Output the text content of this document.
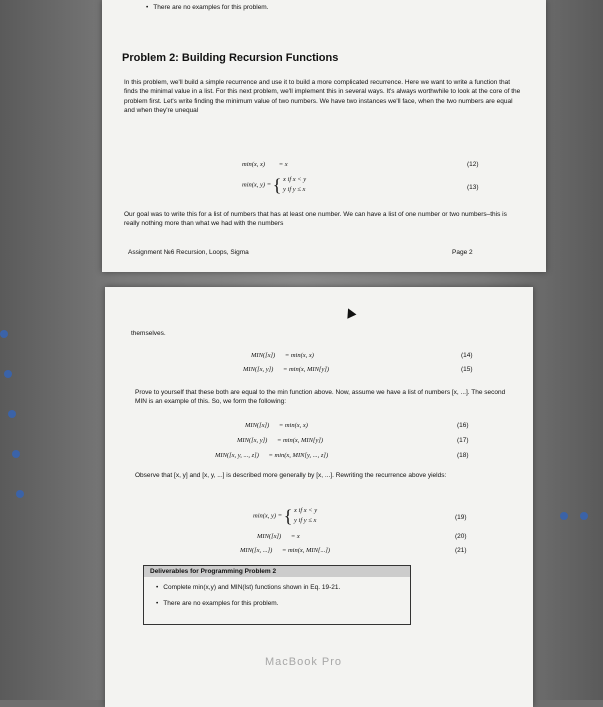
• There are no examples for this problem.
Problem 2: Building Recursion Functions

In this problem, we'll build a simple recurrence and use it to build a more complicated recurrence. Here we want to write a function that finds the minimal value in a list. For this next problem, we'll implement this in several ways. It's always worthwhile to look at the core of the problem first. Let's write finding the minimum value of two numbers. We have two instances we'll face, when the two numbers are equal and when they're unequal

min(x, x) = x	(12)
min(x, y) = { x if x < y
y if y ≤ x	(13)

Our goal was to write this for a list of numbers that has at least one number. We can have a list of one number or two numbers–this is really nothing more than what we had with the numbers

Assignment №6 Recursion, Loops, Sigma	Page 2
themselves.
MIN([x]) = min(x, x)	(14)
MIN([x, y]) = min(x, MIN[y])	(15)

Prove to yourself that these both are equal to the min function above. Now, assume we have a list of numbers [x, ...]. The second MIN is an example of this. So, we form the following:

MIN([x]) = min(x, x)	(16)
MIN([x, y]) = min(x, MIN[y])	(17)
MIN([x, y, ..., z]) = min(x, MIN[y, ..., z])	(18)

Observe that [x, y] and [x, y, ...] is described more generally by [x, ...]. Rewriting the recurrence above yields:

min(x, y) = { x if x < y
y if y ≤ x	(19)
MIN([x]) = x	(20)
MIN([x, ...]) = min(x, MIN[...])	(21)
Deliverables for Programming Problem 2
• Complete min(x,y) and MIN(lst) functions shown in Eq. 19-21.
• There are no examples for this problem.
MacBook Pro
